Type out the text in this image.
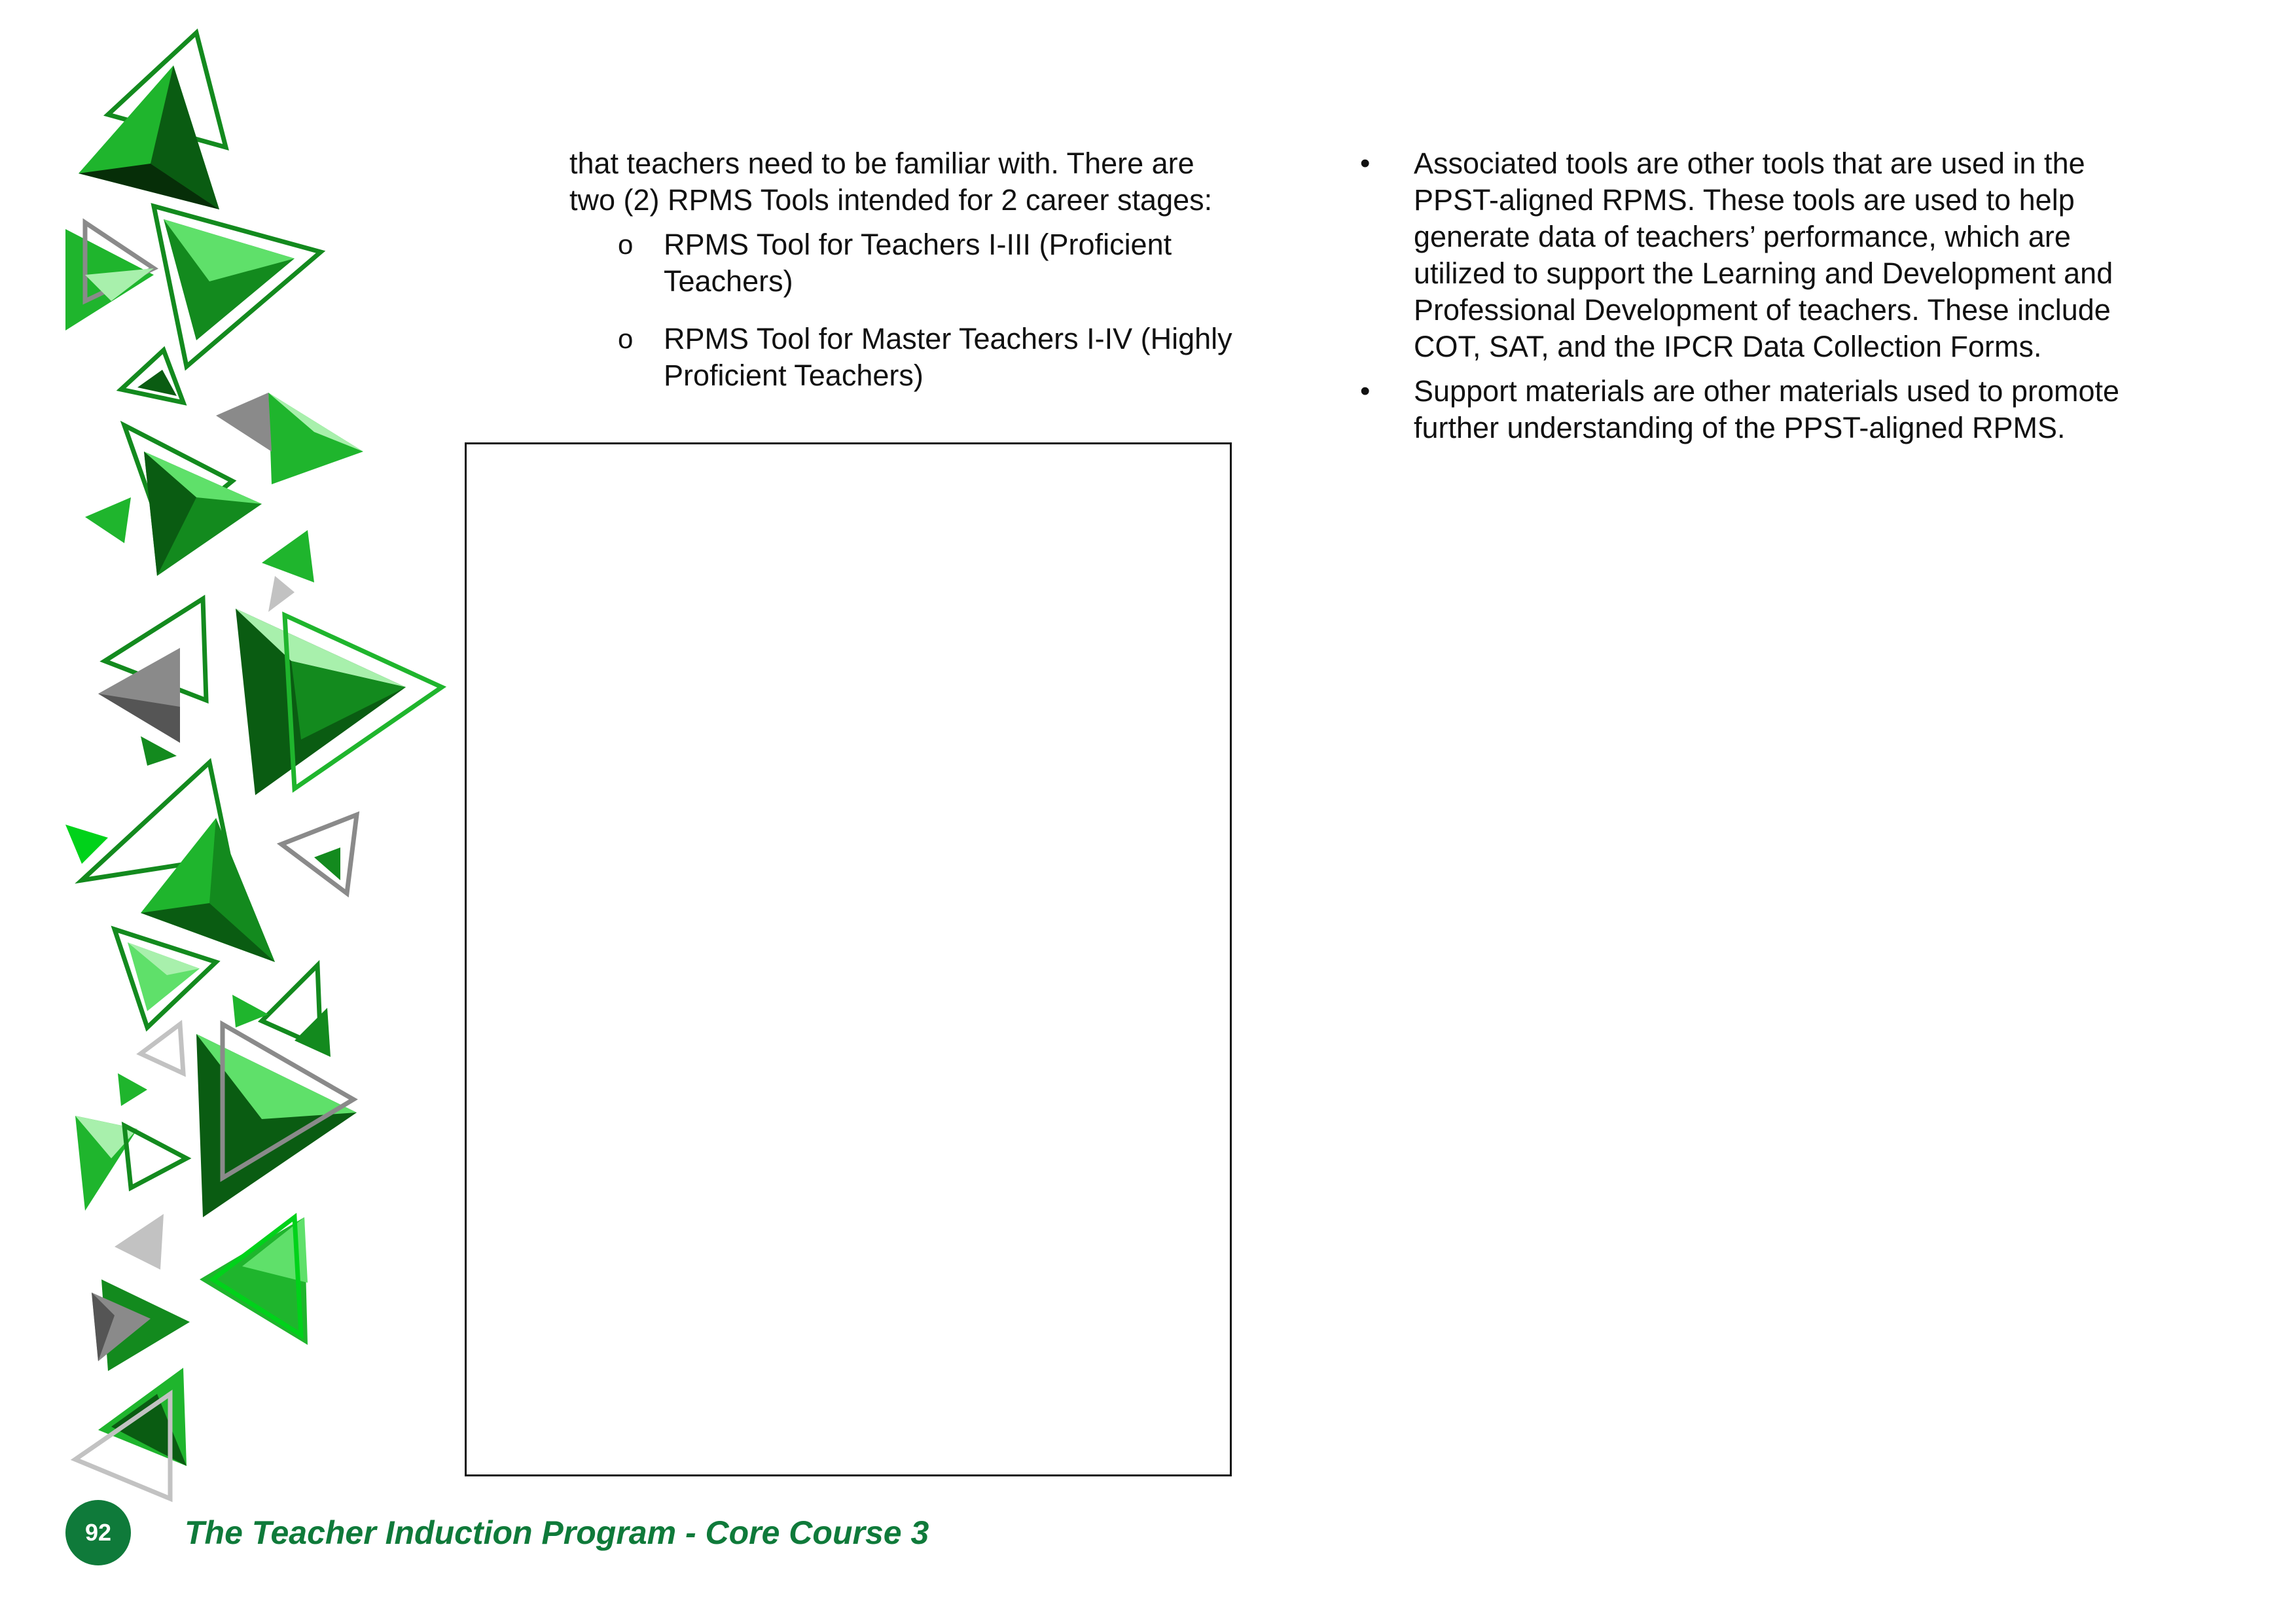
that teachers need to be familiar with. There are two (2) RPMS Tools intended for 2 career stages:

o RPMS Tool for Teachers I-III (Proficient Teachers)
o RPMS Tool for Master Teachers I-IV (Highly Proficient Teachers)
• Associated tools are other tools that are used in the PPST-aligned RPMS. These tools are used to help generate data of teachers’ performance, which are utilized to support the Learning and Development and Professional Development of teachers. These include COT, SAT, and the IPCR Data Collection Forms.
• Support materials are other materials used to promote further understanding of the PPST-aligned RPMS.
92	The Teacher Induction Program - Core Course 3
